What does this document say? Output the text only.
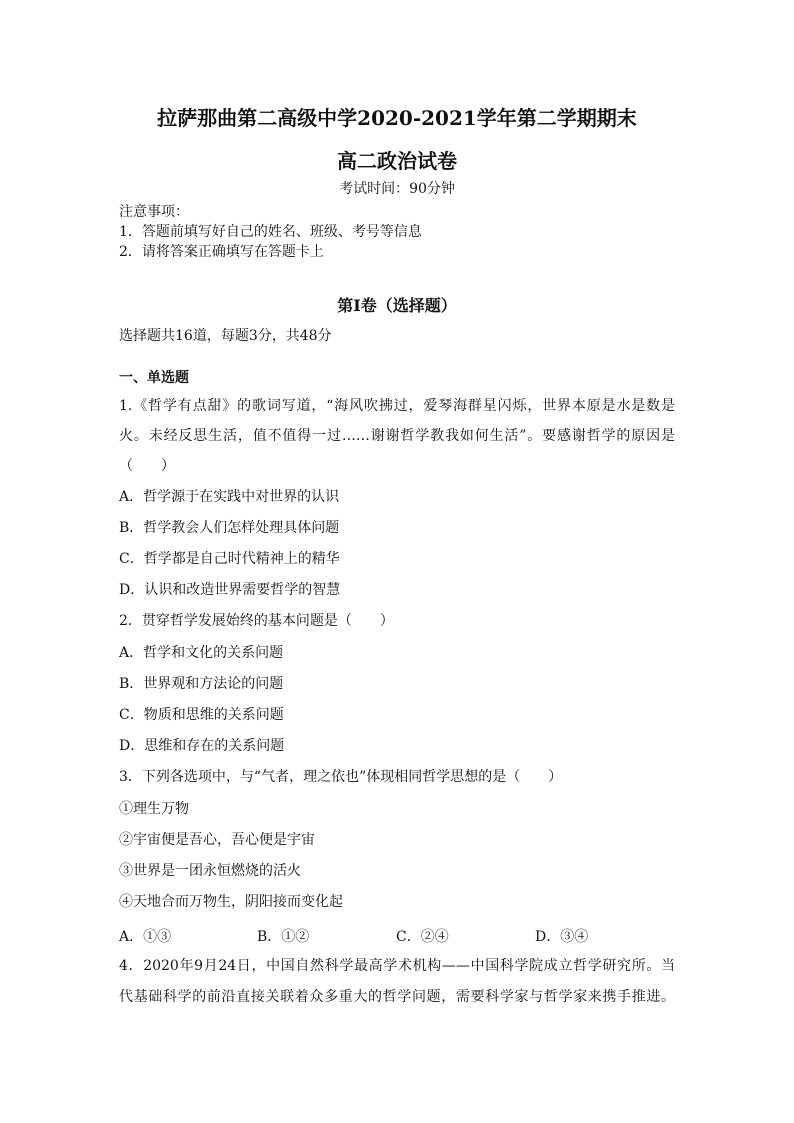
拉萨那曲第二高级中学2020-2021学年第二学期期末
高二政治试卷
考试时间：90分钟
注意事项：
1．答题前填写好自己的姓名、班级、考号等信息
2．请将答案正确填写在答题卡上
第I卷（选择题）
选择题共16道，每题3分，共48分
一、单选题
1.《哲学有点甜》的歌词写道，“海风吹拂过，爱琴海群星闪烁，世界本原是水是数是
火。未经反思生活，值不值得一过……谢谢哲学教我如何生活”。要感谢哲学的原因是
（　　）
A．哲学源于在实践中对世界的认识
B．哲学教会人们怎样处理具体问题
C．哲学都是自己时代精神上的精华
D．认识和改造世界需要哲学的智慧
2．贯穿哲学发展始终的基本问题是（　　）
A．哲学和文化的关系问题
B．世界观和方法论的问题
C．物质和思维的关系问题
D．思维和存在的关系问题
3．下列各选项中，与“气者，理之依也”体现相同哲学思想的是（　　）
①理生万物
②宇宙便是吾心，吾心便是宇宙
③世界是一团永恒燃烧的活火
④天地合而万物生，阴阳接而变化起
A．①③	B．①②	C．②④	D．③④
4．2020年9月24日，中国自然科学最高学术机构——中国科学院成立哲学研究所。当
代基础科学的前沿直接关联着众多重大的哲学问题，需要科学家与哲学家来携手推进。
